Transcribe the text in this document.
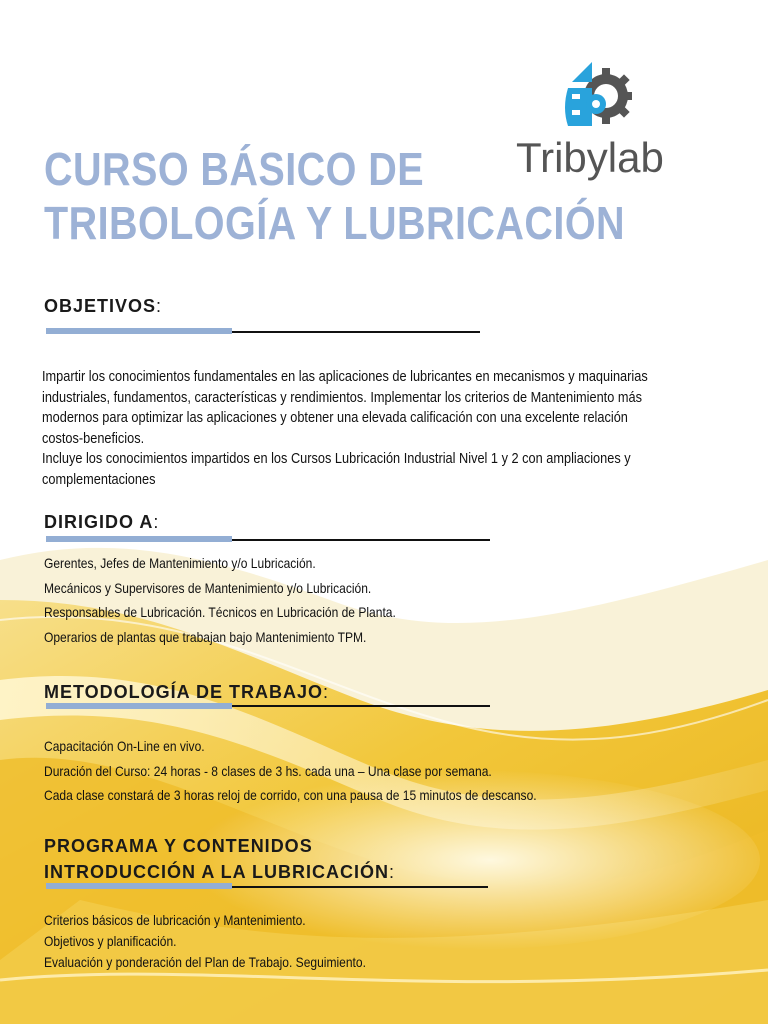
Tribylab
CURSO BÁSICO DE
TRIBOLOGÍA Y LUBRICACIÓN
OBJETIVOS:
Impartir los conocimientos fundamentales en las aplicaciones de lubricantes en mecanismos y maquinarias
industriales, fundamentos, características y rendimientos. Implementar los criterios de Mantenimiento más
modernos para optimizar las aplicaciones y obtener una elevada calificación con una excelente relación
costos-beneficios.
Incluye los conocimientos impartidos en los Cursos Lubricación Industrial Nivel 1 y 2 con ampliaciones y
complementaciones
DIRIGIDO A:
Gerentes, Jefes de Mantenimiento y/o Lubricación.
Mecánicos y Supervisores de Mantenimiento y/o Lubricación.
Responsables de Lubricación. Técnicos en Lubricación de Planta.
Operarios de plantas que trabajan bajo Mantenimiento TPM.
METODOLOGÍA DE TRABAJO:
Capacitación On-Line en vivo.
Duración del Curso: 24 horas - 8 clases de 3 hs. cada una – Una clase por semana.
Cada clase constará de 3 horas reloj de corrido, con una pausa de 15 minutos de descanso.
PROGRAMA Y CONTENIDOS
INTRODUCCIÓN A LA LUBRICACIÓN:
Criterios básicos de lubricación y Mantenimiento.
Objetivos y planificación.
Evaluación y ponderación del Plan de Trabajo. Seguimiento.
